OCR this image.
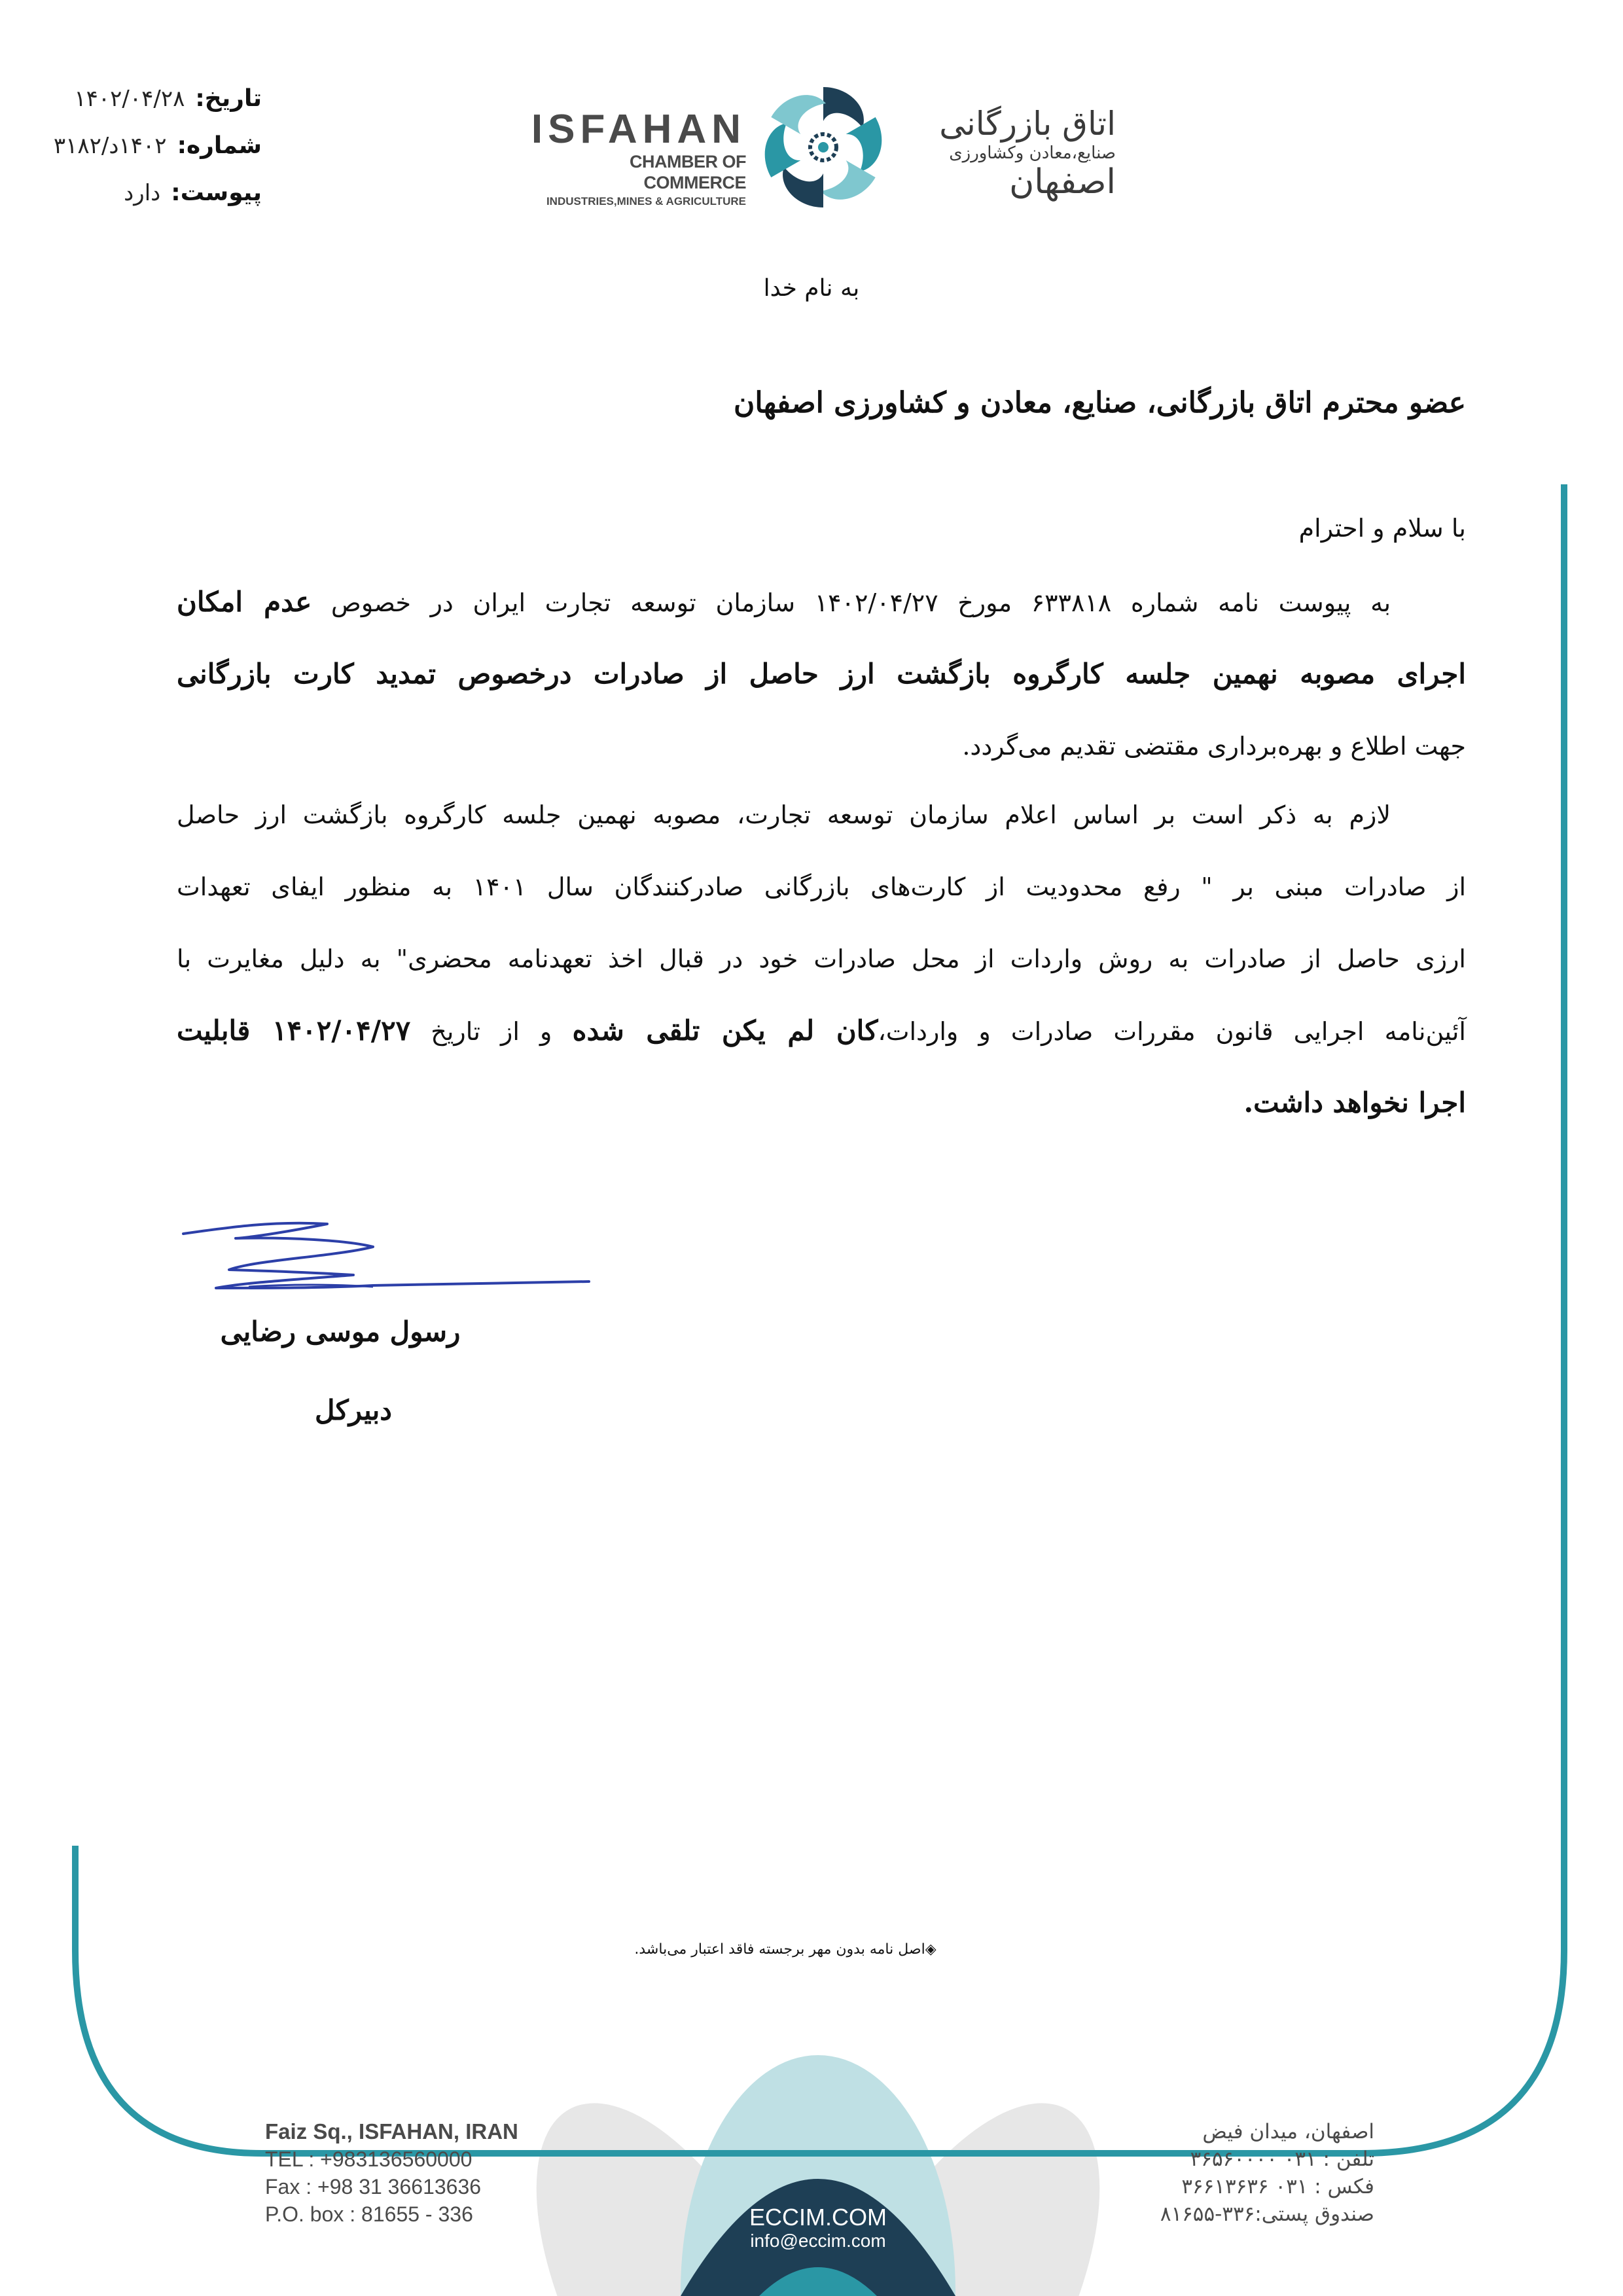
تاریخ:
۱۴۰۲/۰۴/۲۸
شماره:
۱۴۰۲د/۳۱۸۲
پیوست:
دارد
ISFAHAN
CHAMBER OF COMMERCE
INDUSTRIES,MINES & AGRICULTURE
اتاق بازرگانی
صنایع،معادن وکشاورزی
اصفهان
به نام خدا
عضو محترم اتاق بازرگانی، صنایع، معادن و کشاورزی اصفهان
با سلام و احترام
به پیوست نامه شماره ۶۳۳۸۱۸ مورخ ۱۴۰۲/۰۴/۲۷ سازمان توسعه تجارت ایران در خصوص عدم امکان
اجرای مصوبه نهمین جلسه کارگروه بازگشت ارز حاصل از صادرات درخصوص تمدید کارت بازرگانی
جهت اطلاع و بهره‌برداری مقتضی تقدیم می‌گردد.
لازم به ذکر است بر اساس اعلام سازمان توسعه تجارت، مصوبه نهمین جلسه کارگروه بازگشت ارز حاصل
از صادرات مبنی بر " رفع محدودیت از کارت‌های بازرگانی صادرکنندگان سال ۱۴۰۱ به منظور ایفای تعهدات
ارزی حاصل از صادرات به روش واردات از محل صادرات خود در قبال اخذ تعهدنامه محضری" به دلیل مغایرت با
آئین‌نامه اجرایی قانون مقررات صادرات و واردات،کان لم یکن تلقی شده و از تاریخ ۱۴۰۲/۰۴/۲۷ قابلیت
اجرا نخواهد داشت.
رسول موسی رضایی
دبیرکل
◈اصل نامه بدون مهر برجسته فاقد اعتبار می‌باشد.
Faiz Sq., ISFAHAN, IRAN
TEL : +983136560000
Fax : +98 31 36613636
P.O. box : 81655 - 336	ECCIM.COM
info@eccim.com
اصفهان، میدان فیض
تلفن : ۰۳۱ ۳۶۵۶۰۰۰۰
فکس : ۰۳۱ ۳۶۶۱۳۶۳۶
صندوق پستی:۳۳۶-۸۱۶۵۵
